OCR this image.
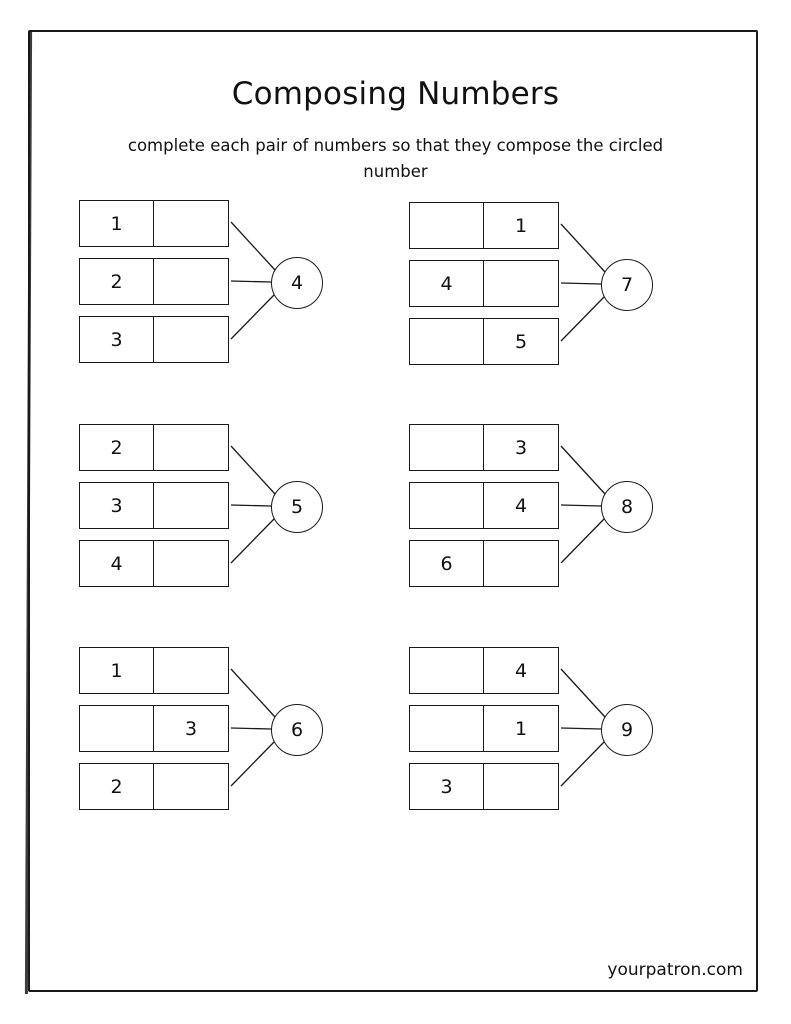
Composing Numbers
complete each pair of numbers so that they compose the circled number
1
2
3
4
1
4
5
7
2
3
4
5
3
4
6
8
1
3
2
6
4
1
3
9
yourpatron.com
